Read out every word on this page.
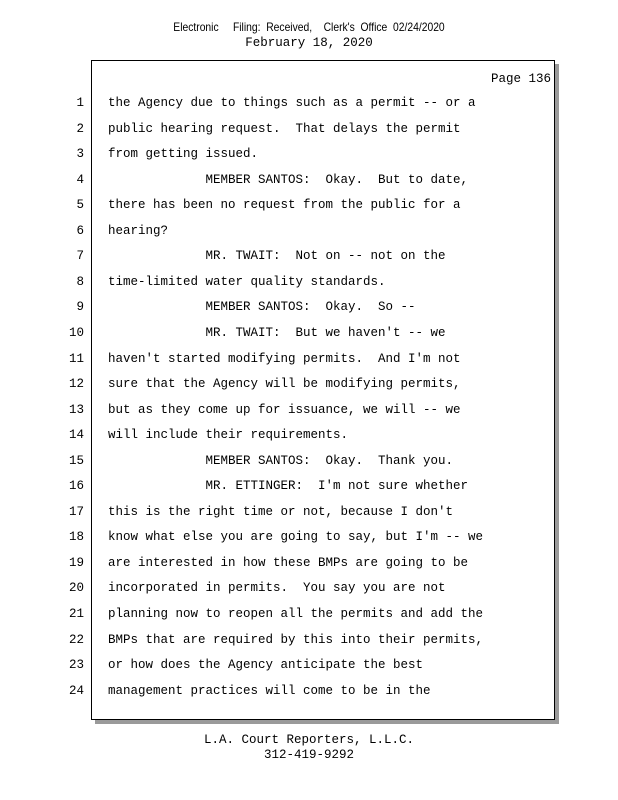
Electronic     Filing:  Received,    Clerk's  Office  02/24/2020
February 18, 2020
Page 136
1 the Agency due to things such as a permit -- or a
2 public hearing request.  That delays the permit
3 from getting issued.
4 MEMBER SANTOS:  Okay.  But to date,
5 there has been no request from the public for a
6 hearing?
7 MR. TWAIT:  Not on -- not on the
8 time-limited water quality standards.
9 MEMBER SANTOS:  Okay.  So --
10 MR. TWAIT:  But we haven't -- we
11 haven't started modifying permits.  And I'm not
12 sure that the Agency will be modifying permits,
13 but as they come up for issuance, we will -- we
14 will include their requirements.
15 MEMBER SANTOS:  Okay.  Thank you.
16 MR. ETTINGER:  I'm not sure whether
17 this is the right time or not, because I don't
18 know what else you are going to say, but I'm -- we
19 are interested in how these BMPs are going to be
20 incorporated in permits.  You say you are not
21 planning now to reopen all the permits and add the
22 BMPs that are required by this into their permits,
23 or how does the Agency anticipate the best
24 management practices will come to be in the
L.A. Court Reporters, L.L.C.
312-419-9292
